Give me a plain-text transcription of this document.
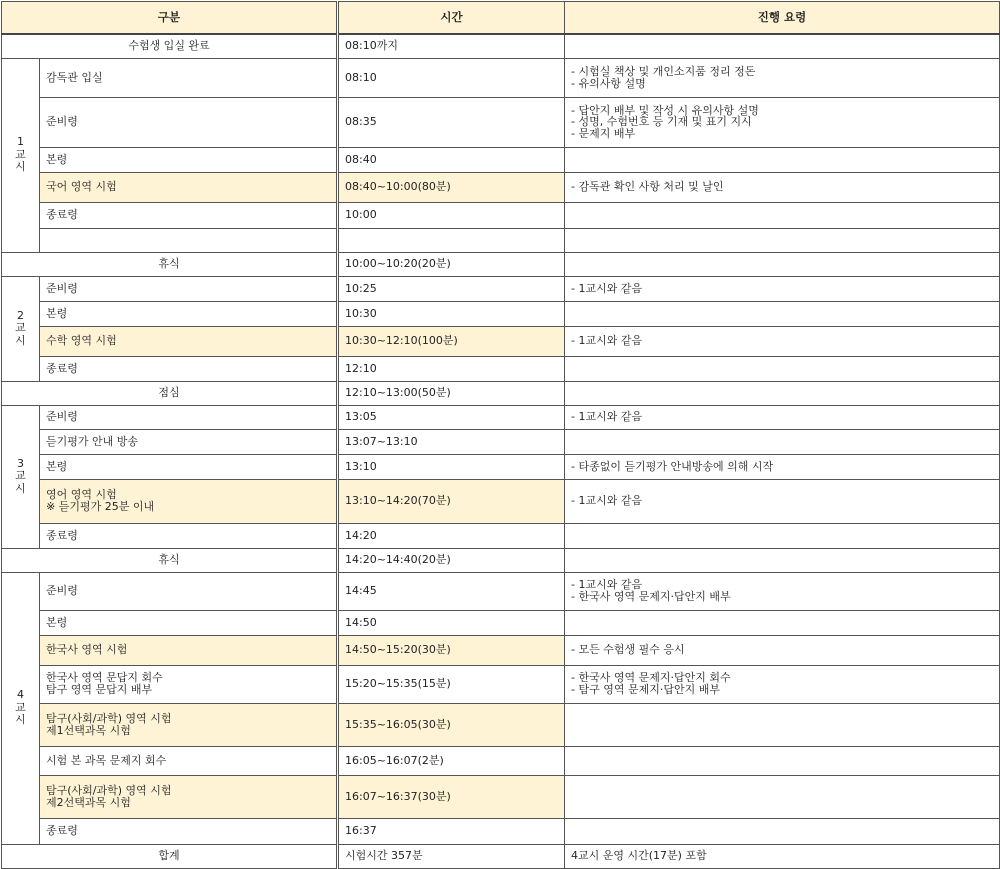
구분		시간	진행 요령
수험생 입실 완료		08:10까지	

1
교
시	감독관 입실	08:10	- 시험실 책상 및 개인소지품 정리 정돈
- 유의사항 설명

	준비령	08:35	- 답안지 배부 및 작성 시 유의사항 설명
- 성명, 수험번호 등 기재 및 표기 지시
- 문제지 배부

	본령	08:40	

	국어 영역 시험	08:40~10:00(80분)	- 감독관 확인 사항 처리 및 날인

	종료령	10:00	

휴식		10:00~10:20(20분)	

2
교
시	준비령	10:25	- 1교시와 같음

	본령	10:30	

	수학 영역 시험	10:30~12:10(100분)	- 1교시와 같음

	종료령	12:10	
점심		12:10~13:00(50분)	

3
교
시	준비령	13:05	- 1교시와 같음

	듣기평가 안내 방송	13:07~13:10	

	본령	13:10	- 타종없이 듣기평가 안내방송에 의해 시작

	영어 영역 시험
※ 듣기평가 25분 이내	13:10~14:20(70분)	- 1교시와 같음

	종료령	14:20	
휴식		14:20~14:40(20분)	

4
교
시	준비령	14:45	- 1교시와 같음
- 한국사 영역 문제지·답안지 배부

	본령	14:50	

	한국사 영역 시험	14:50~15:20(30분)	- 모든 수험생 필수 응시

	한국사 영역 문답지 회수
탐구 영역 문답지 배부	15:20~15:35(15분)	- 한국사 영역 문제지·답안지 회수
- 탐구 영역 문제지·답안지 배부

	탐구(사회/과학) 영역 시험
제1선택과목 시험	15:35~16:05(30분)	

	시험 본 과목 문제지 회수	16:05~16:07(2분)	

	탐구(사회/과학) 영역 시험
제2선택과목 시험	16:07~16:37(30분)	

	종료령	16:37	
합계		시험시간 357분	4교시 운영 시간(17분) 포함
